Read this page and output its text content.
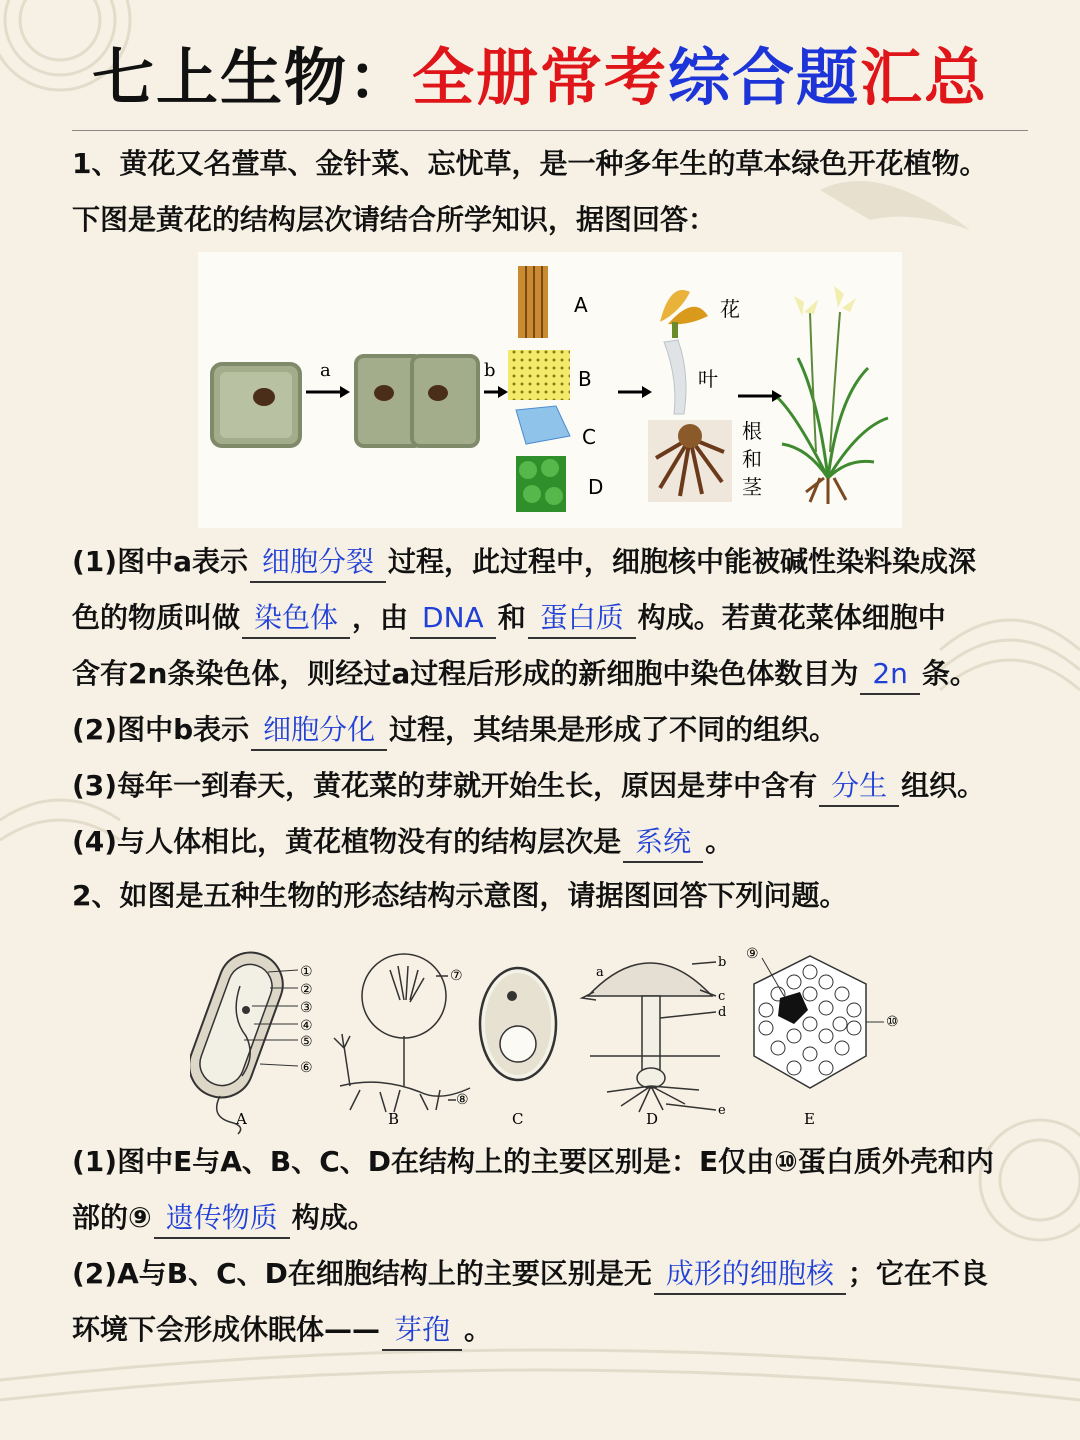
七上生物：全册常考综合题汇总
1、黄花又名萱草、金针菜、忘忧草，是一种多年生的草本绿色开花植物。
下图是黄花的结构层次请结合所学知识，据图回答：
a	b
A
B
C
D
花
叶
根
和
茎
(1)图中a表示 细胞分裂 过程，此过程中，细胞核中能被碱性染料染成深
色的物质叫做 染色体 ，由 DNA 和 蛋白质 构成。若黄花菜体细胞中
含有2n条染色体，则经过a过程后形成的新细胞中染色体数目为 2n 条。
(2)图中b表示 细胞分化 过程，其结果是形成了不同的组织。
(3)每年一到春天，黄花菜的芽就开始生长，原因是芽中含有 分生 组织。
(4)与人体相比，黄花植物没有的结构层次是 系统 。
2、如图是五种生物的形态结构示意图，请据图回答下列问题。
①
②
③
④
⑤
⑥
⑦
⑧
a
b
c
d
e
⑨
⑩
A	B	C	D	E
(1)图中E与A、B、C、D在结构上的主要区别是：E仅由⑩蛋白质外壳和内
部的⑨ 遗传物质 构成。
(2)A与B、C、D在细胞结构上的主要区别是无 成形的细胞核 ；它在不良
环境下会形成休眠体—— 芽孢 。
